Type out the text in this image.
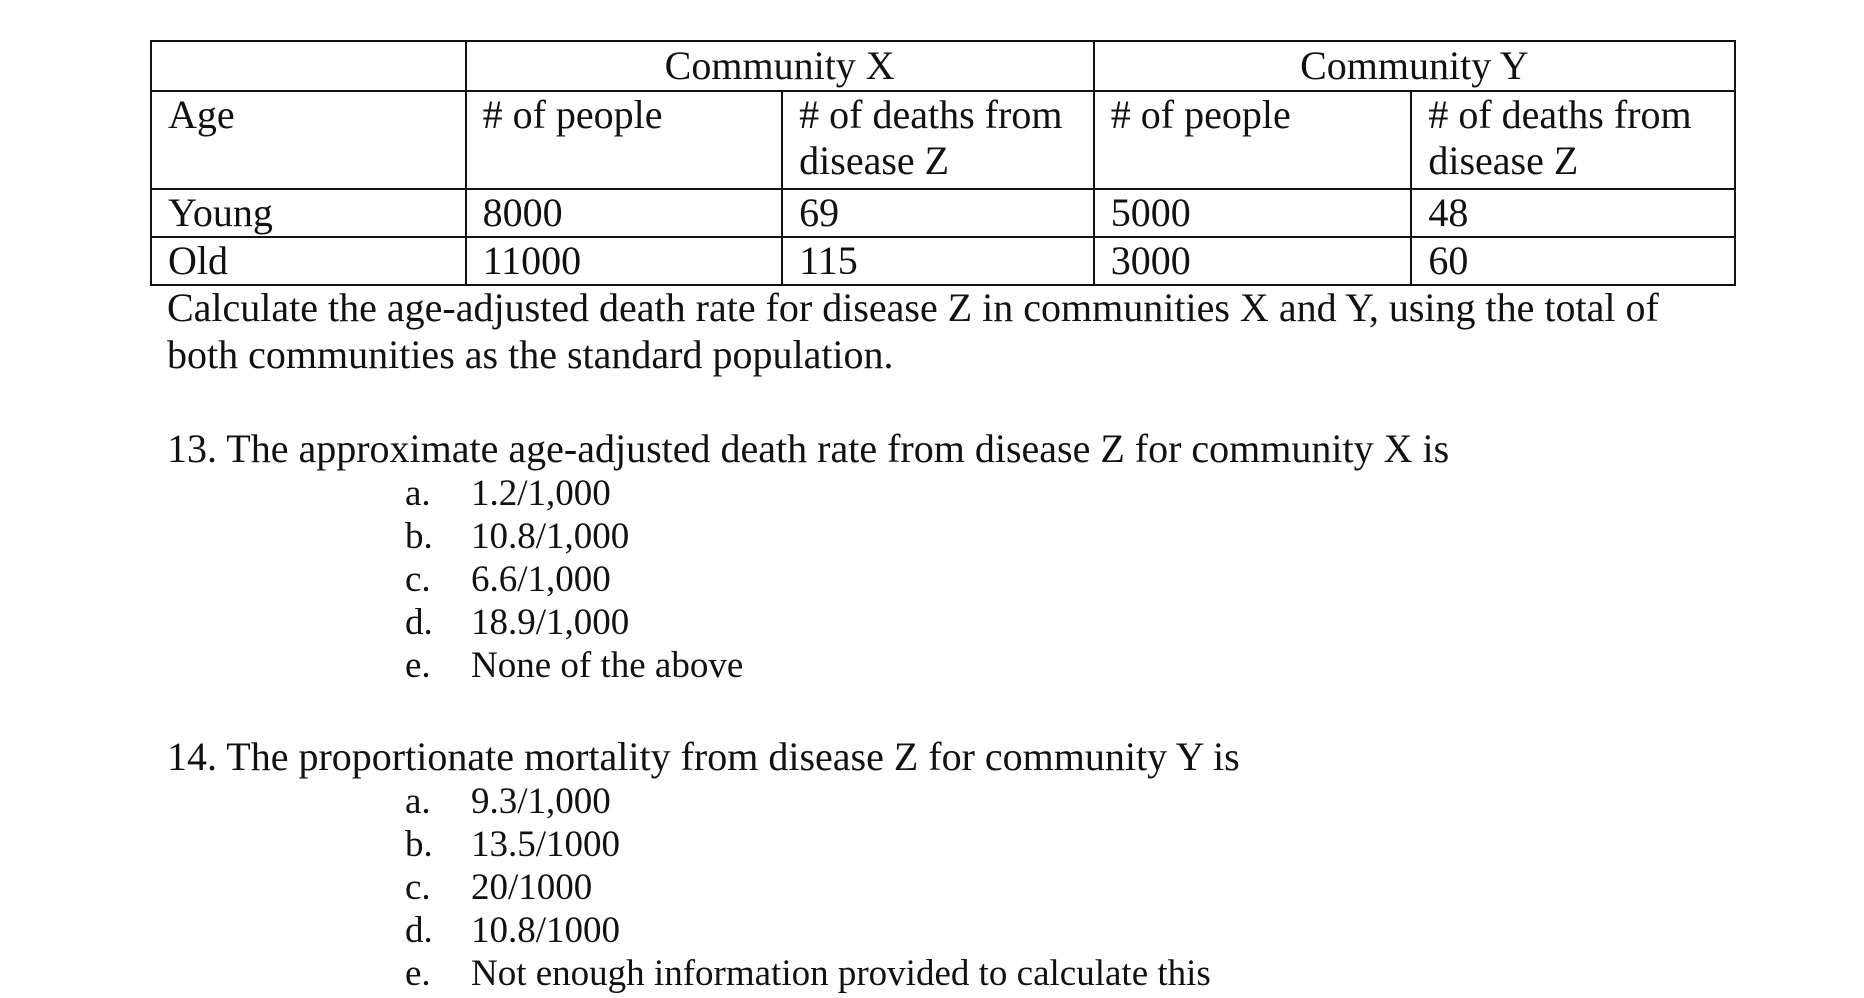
	Community X		Community Y	
Age	# of people	# of deaths from disease Z	# of people	# of deaths from disease Z
Young	8000	69	5000	48
Old	11000	115	3000	60

Calculate the age-adjusted death rate for disease Z in communities X and Y, using the total of both communities as the standard population.

13. The approximate age-adjusted death rate from disease Z for community X is

a. 1.2/1,000
b. 10.8/1,000
c. 6.6/1,000
d. 18.9/1,000
e. None of the above

14. The proportionate mortality from disease Z for community Y is

a. 9.3/1,000
b. 13.5/1000
c. 20/1000
d. 10.8/1000
e. Not enough information provided to calculate this
